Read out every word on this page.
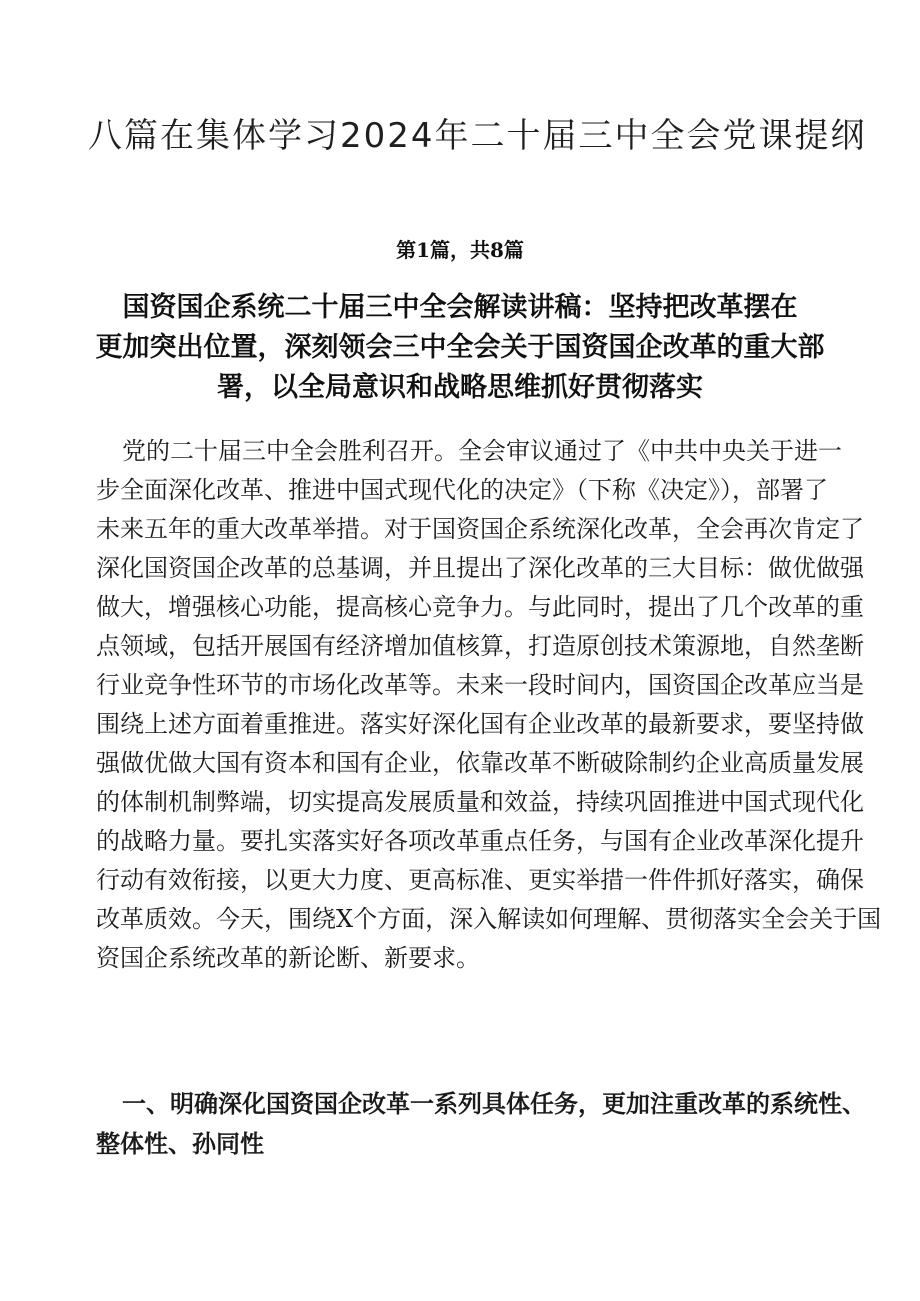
八篇在集体学习2024年二十届三中全会党课提纲

第1篇，共8篇

国资国企系统二十届三中全会解读讲稿：坚持把改革摆在
更加突出位置，深刻领会三中全会关于国资国企改革的重大部
署，以全局意识和战略思维抓好贯彻落实
党的二十届三中全会胜利召开。全会审议通过了《中共中央关于进一
步全面深化改革、推进中国式现代化的决定》（下称《决定》），部署了
未来五年的重大改革举措。对于国资国企系统深化改革，全会再次肯定了
深化国资国企改革的总基调，并且提出了深化改革的三大目标：做优做强
做大，增强核心功能，提高核心竞争力。与此同时，提出了几个改革的重
点领域，包括开展国有经济增加值核算，打造原创技术策源地，自然垄断
行业竞争性环节的市场化改革等。未来一段时间内，国资国企改革应当是
围绕上述方面着重推进。落实好深化国有企业改革的最新要求，要坚持做
强做优做大国有资本和国有企业，依靠改革不断破除制约企业高质量发展
的体制机制弊端，切实提高发展质量和效益，持续巩固推进中国式现代化
的战略力量。要扎实落实好各项改革重点任务，与国有企业改革深化提升
行动有效衔接，以更大力度、更高标准、更实举措一件件抓好落实，确保
改革质效。今天，围绕X个方面，深入解读如何理解、贯彻落实全会关于国
资国企系统改革的新论断、新要求。
一、明确深化国资国企改革一系列具体任务，更加注重改革的系统性、
整体性、孙同性
